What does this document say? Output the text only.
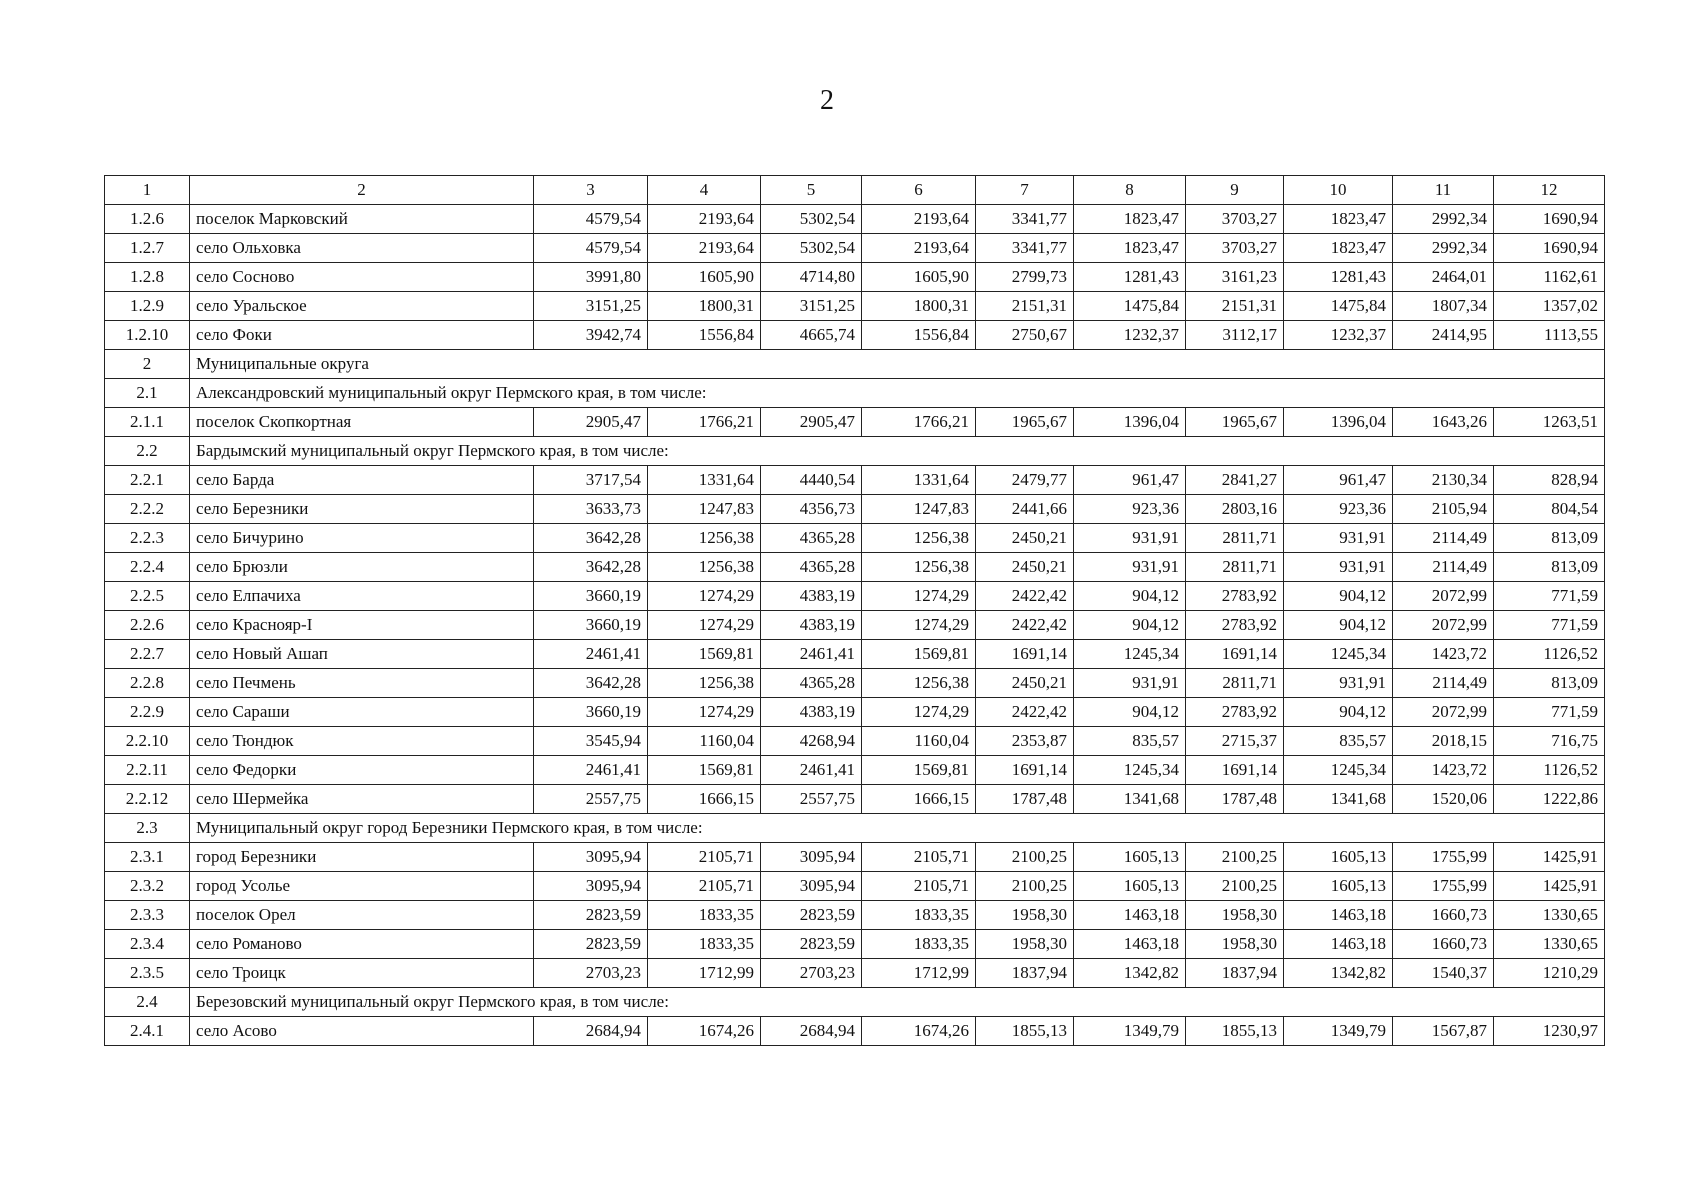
2
1	2	3	4	5	6	7	8	9	10	11	12
1.2.6	поселок Марковский	4579,54	2193,64	5302,54	2193,64	3341,77	1823,47	3703,27	1823,47	2992,34	1690,94
1.2.7	село Ольховка	4579,54	2193,64	5302,54	2193,64	3341,77	1823,47	3703,27	1823,47	2992,34	1690,94
1.2.8	село Сосново	3991,80	1605,90	4714,80	1605,90	2799,73	1281,43	3161,23	1281,43	2464,01	1162,61
1.2.9	село Уральское	3151,25	1800,31	3151,25	1800,31	2151,31	1475,84	2151,31	1475,84	1807,34	1357,02
1.2.10	село Фоки	3942,74	1556,84	4665,74	1556,84	2750,67	1232,37	3112,17	1232,37	2414,95	1113,55
2	Муниципальные округа										
2.1	Александровский муниципальный округ Пермского края, в том числе:										
2.1.1	поселок Скопкортная	2905,47	1766,21	2905,47	1766,21	1965,67	1396,04	1965,67	1396,04	1643,26	1263,51
2.2	Бардымский муниципальный округ Пермского края, в том числе:										
2.2.1	село Барда	3717,54	1331,64	4440,54	1331,64	2479,77	961,47	2841,27	961,47	2130,34	828,94
2.2.2	село Березники	3633,73	1247,83	4356,73	1247,83	2441,66	923,36	2803,16	923,36	2105,94	804,54
2.2.3	село Бичурино	3642,28	1256,38	4365,28	1256,38	2450,21	931,91	2811,71	931,91	2114,49	813,09
2.2.4	село Брюзли	3642,28	1256,38	4365,28	1256,38	2450,21	931,91	2811,71	931,91	2114,49	813,09
2.2.5	село Елпачиха	3660,19	1274,29	4383,19	1274,29	2422,42	904,12	2783,92	904,12	2072,99	771,59
2.2.6	село Краснояр-I	3660,19	1274,29	4383,19	1274,29	2422,42	904,12	2783,92	904,12	2072,99	771,59
2.2.7	село Новый Ашап	2461,41	1569,81	2461,41	1569,81	1691,14	1245,34	1691,14	1245,34	1423,72	1126,52
2.2.8	село Печмень	3642,28	1256,38	4365,28	1256,38	2450,21	931,91	2811,71	931,91	2114,49	813,09
2.2.9	село Сараши	3660,19	1274,29	4383,19	1274,29	2422,42	904,12	2783,92	904,12	2072,99	771,59
2.2.10	село Тюндюк	3545,94	1160,04	4268,94	1160,04	2353,87	835,57	2715,37	835,57	2018,15	716,75
2.2.11	село Федорки	2461,41	1569,81	2461,41	1569,81	1691,14	1245,34	1691,14	1245,34	1423,72	1126,52
2.2.12	село Шермейка	2557,75	1666,15	2557,75	1666,15	1787,48	1341,68	1787,48	1341,68	1520,06	1222,86
2.3	Муниципальный округ город Березники Пермского края, в том числе:										
2.3.1	город Березники	3095,94	2105,71	3095,94	2105,71	2100,25	1605,13	2100,25	1605,13	1755,99	1425,91
2.3.2	город Усолье	3095,94	2105,71	3095,94	2105,71	2100,25	1605,13	2100,25	1605,13	1755,99	1425,91
2.3.3	поселок Орел	2823,59	1833,35	2823,59	1833,35	1958,30	1463,18	1958,30	1463,18	1660,73	1330,65
2.3.4	село Романово	2823,59	1833,35	2823,59	1833,35	1958,30	1463,18	1958,30	1463,18	1660,73	1330,65
2.3.5	село Троицк	2703,23	1712,99	2703,23	1712,99	1837,94	1342,82	1837,94	1342,82	1540,37	1210,29
2.4	Березовский муниципальный округ Пермского края, в том числе:										
2.4.1	село Асово	2684,94	1674,26	2684,94	1674,26	1855,13	1349,79	1855,13	1349,79	1567,87	1230,97
